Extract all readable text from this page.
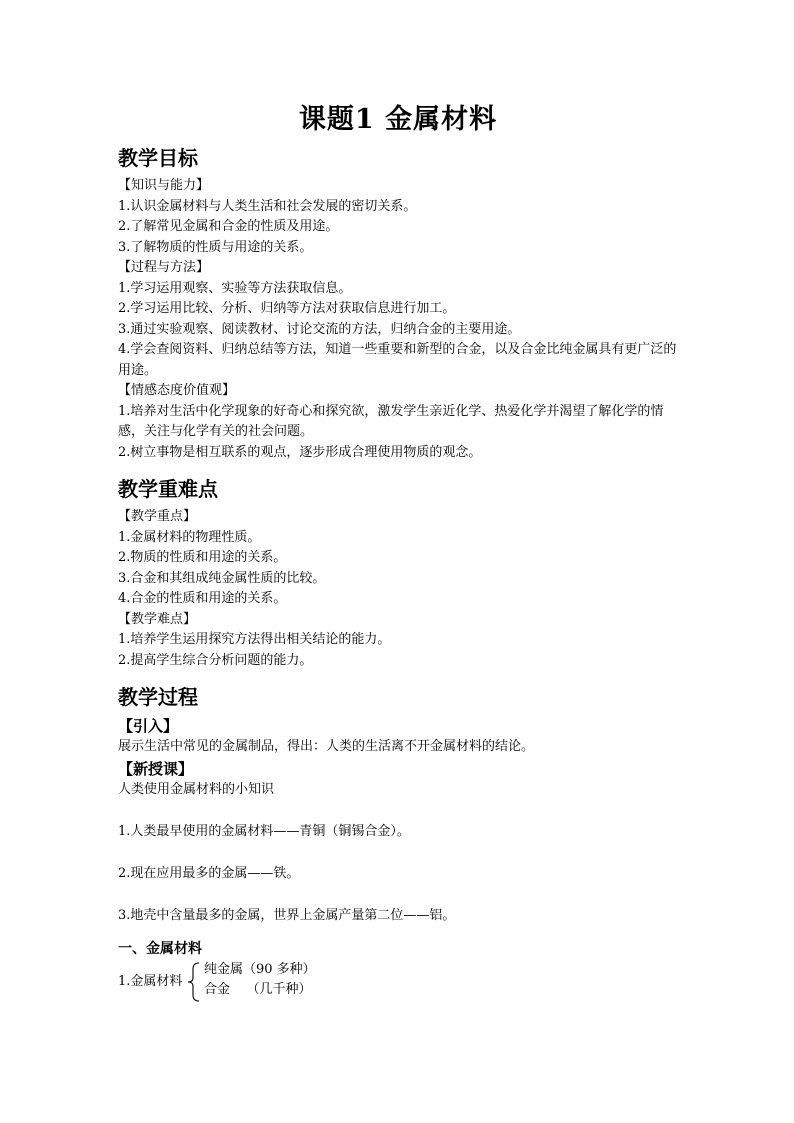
课题1 金属材料
教学目标
【知识与能力】
1.认识金属材料与人类生活和社会发展的密切关系。
2.了解常见金属和合金的性质及用途。
3.了解物质的性质与用途的关系。
【过程与方法】
1.学习运用观察、实验等方法获取信息。
2.学习运用比较、分析、归纳等方法对获取信息进行加工。
3.通过实验观察、阅读教材、讨论交流的方法，归纳合金的主要用途。
4.学会查阅资料、归纳总结等方法，知道一些重要和新型的合金，以及合金比纯金属具有更广泛的用途。
【情感态度价值观】
1.培养对生活中化学现象的好奇心和探究欲，激发学生亲近化学、热爱化学并渴望了解化学的情感，关注与化学有关的社会问题。
2.树立事物是相互联系的观点，逐步形成合理使用物质的观念。
教学重难点
【教学重点】
1.金属材料的物理性质。
2.物质的性质和用途的关系。
3.合金和其组成纯金属性质的比较。
4.合金的性质和用途的关系。
【教学难点】
1.培养学生运用探究方法得出相关结论的能力。
2.提高学生综合分析问题的能力。
教学过程
【引入】
展示生活中常见的金属制品，得出：人类的生活离不开金属材料的结论。
【新授课】
人类使用金属材料的小知识
1.人类最早使用的金属材料——青铜（铜锡合金）。
2.现在应用最多的金属——铁。
3.地壳中含量最多的金属，世界上金属产量第二位——铝。
一、金属材料
1.金属材料
纯金属（90 多种）
合金    （几千种）
